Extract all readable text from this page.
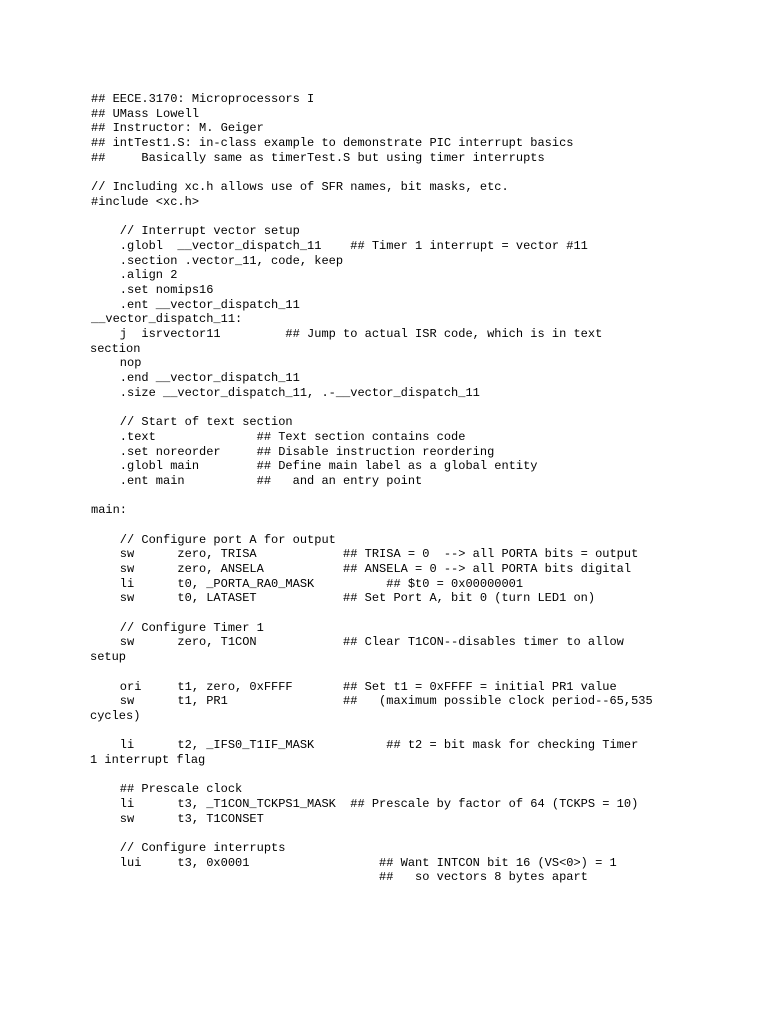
## EECE.3170: Microprocessors I
## UMass Lowell
## Instructor: M. Geiger
## intTest1.S: in-class example to demonstrate PIC interrupt basics
##     Basically same as timerTest.S but using timer interrupts
// Including xc.h allows use of SFR names, bit masks, etc.
#include <xc.h>
// Interrupt vector setup
.globl  __vector_dispatch_11    ## Timer 1 interrupt = vector #11
.section .vector_11, code, keep
.align 2
.set nomips16
.ent __vector_dispatch_11
__vector_dispatch_11:
j  isrvector11         ## Jump to actual ISR code, which is in text
section
nop
.end __vector_dispatch_11
.size __vector_dispatch_11, .-__vector_dispatch_11
// Start of text section
.text              ## Text section contains code
.set noreorder     ## Disable instruction reordering
.globl main        ## Define main label as a global entity
.ent main          ##   and an entry point
main:
// Configure port A for output
sw      zero, TRISA            ## TRISA = 0  --> all PORTA bits = output
sw      zero, ANSELA           ## ANSELA = 0 --> all PORTA bits digital
li      t0, _PORTA_RA0_MASK          ## $t0 = 0x00000001
sw      t0, LATASET            ## Set Port A, bit 0 (turn LED1 on)
// Configure Timer 1
sw      zero, T1CON            ## Clear T1CON--disables timer to allow
setup
ori     t1, zero, 0xFFFF       ## Set t1 = 0xFFFF = initial PR1 value
sw      t1, PR1                ##   (maximum possible clock period--65,535
cycles)
li      t2, _IFS0_T1IF_MASK          ## t2 = bit mask for checking Timer
1 interrupt flag
## Prescale clock
li      t3, _T1CON_TCKPS1_MASK  ## Prescale by factor of 64 (TCKPS = 10)
sw      t3, T1CONSET
// Configure interrupts
lui     t3, 0x0001                  ## Want INTCON bit 16 (VS<0>) = 1
##   so vectors 8 bytes apart
